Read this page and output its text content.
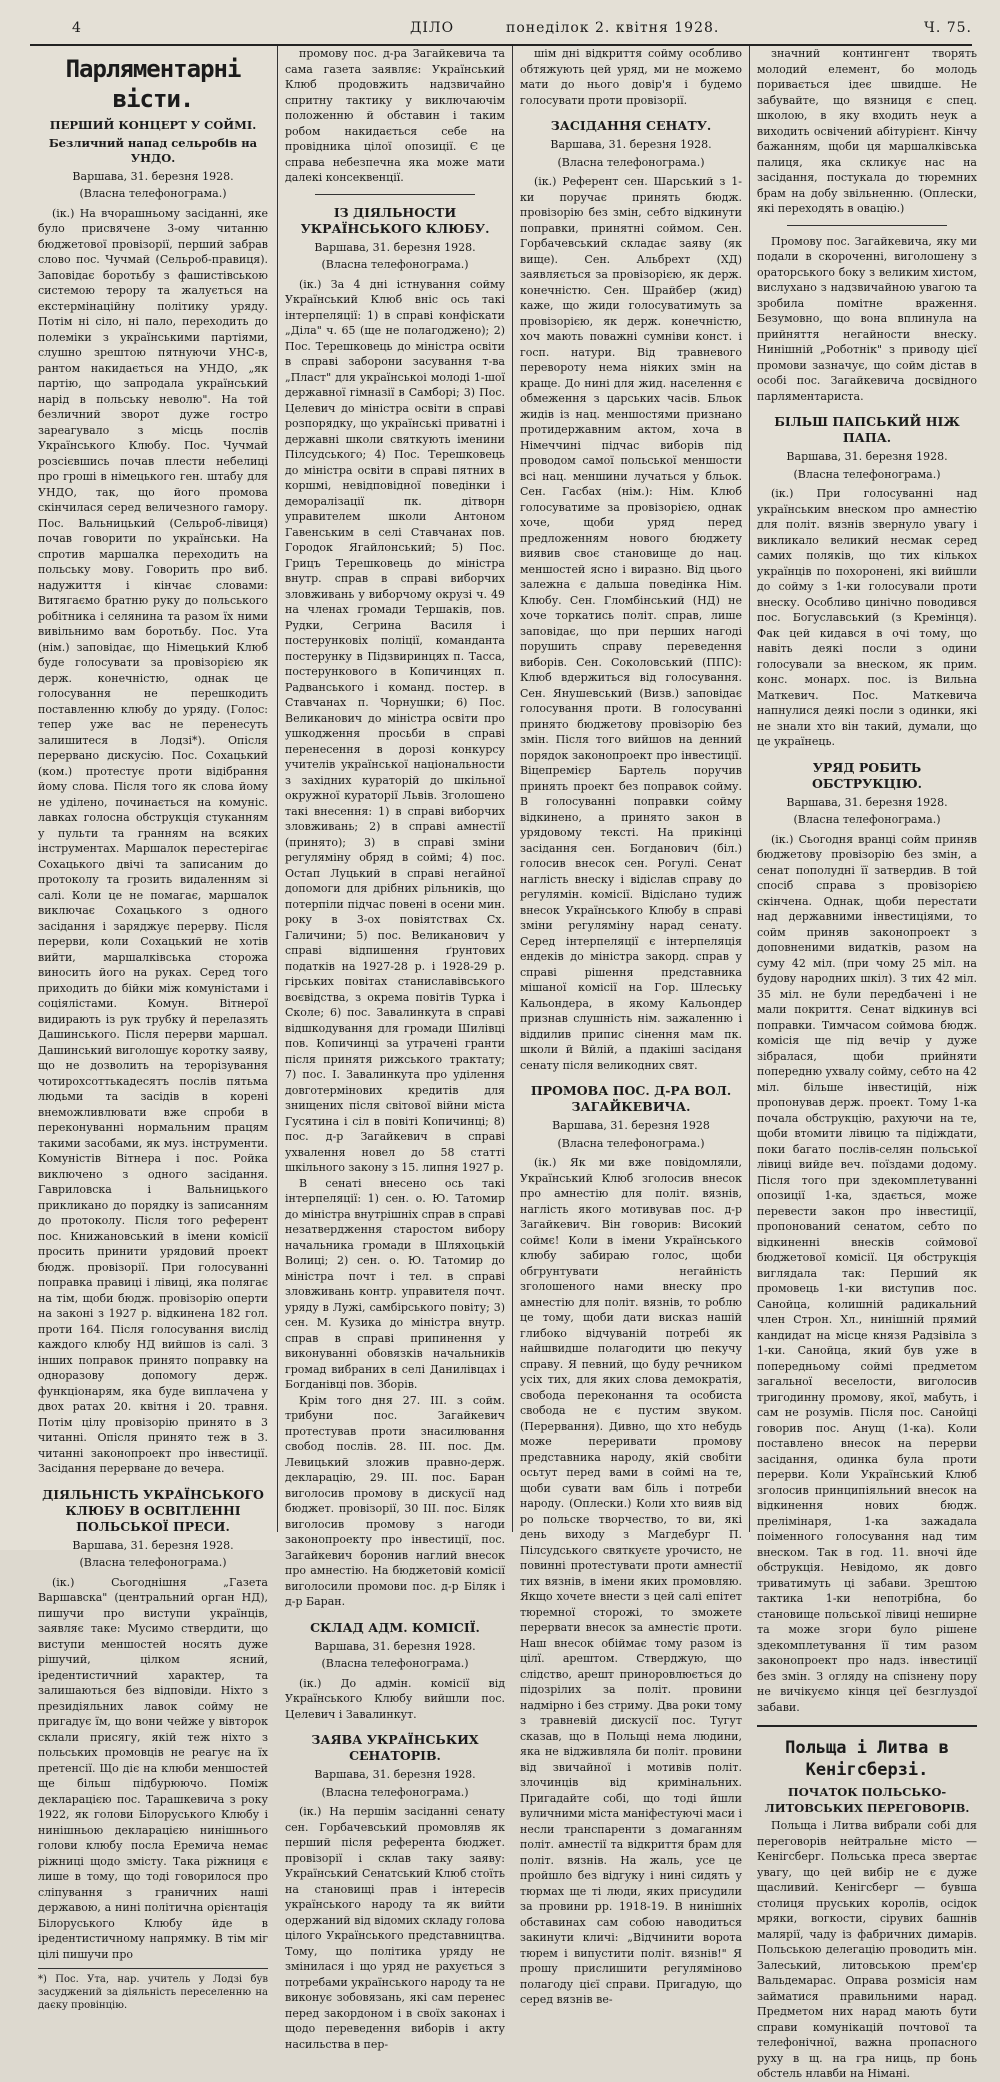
4	ДІЛО	понеділок 2. квітня 1928.	Ч. 75.
Парляментарні вісти.

ПЕРШИЙ КОНЦЕРТ У СОЙМІ.

Безличний напад сельробів на УНДО.

Варшава, 31. березня 1928.

(Власна телефонограма.)

(ік.) На вчорашньому засіданні, яке було присвячене 3-ому читанню бюджетової провізорії, перший забрав слово пос. Чучмай (Сельроб-правиця). Заповідає боротьбу з фашистівською системою терору та жалується на екстермінаційну політику уряду. Потім ні сіло, ні пало, переходить до полеміки з українськими партіями, слушно зрештою пятнуючи УНС-в, рантом накидається на УНДО, „як партію, що запродала український нарід в польську неволю". На той безличний зворот дуже гостро зареагувало з місць послів Українського Клюбу. Пос. Чучмай розсієвшись почав плести небелиці про гроші в німецького ген. штабу для УНДО, так, що його промова скінчилася серед величезного гамору. Пос. Вальницький (Сельроб-лівиця) почав говорити по українськи. На спротив маршалка переходить на польську мову. Говорить про виб. надужиття і кінчає словами: Витягаємо братню руку до польського робітника і селянина та разом їх ними вивільнимо вам боротьбу. Пос. Ута (нім.) заповідає, що Німецький Клюб буде голосувати за провізорією як держ. конечністю, однак це голосування не перешкодить поставленню клюбу до уряду. (Голос: тепер уже вас не перенесуть залишитеся в Лодзі*). Опісля перервано дискусію. Пос. Сохацький (ком.) протестує проти відібрання йому слова. Після того як слова йому не уділено, починається на комуніс. лавках голосна обструкція стуканням у пульти та гранням на всяких інструментах. Маршалок перестерігає Сохацького двічі та записаним до протоколу та грозить видаленням зі салі. Коли це не помагає, маршалок виключає Сохацького з одного засідання і заряджує перерву. Після перерви, коли Сохацький не хотів вийти, маршалківська сторожа виносить його на руках. Серед того приходить до бійки між комуністами і соціялістами. Комун. Вітнерої видирають із рук трубку й перелазять Дашинського. Після перерви маршал. Дашинський виголошує коротку заяву, що не дозволить на терорізування чотирохсоттькадесятъ послів пятьма людьми та засідів в корені внеможливлювати вже спроби в переконуванні нормальним працям такими засобами, як муз. інструменти. Комуністів Вітнера і пос. Ройка виключено з одного засідання. Гавриловска і Вальницького прикликано до порядку із записанням до протоколу. Після того референт пос. Книжановський в імени комісії просить принити урядовий проект бюдж. провізорії. При голосуванні поправка правиці і лівиці, яка полягає на тім, щоби бюдж. провізорію оперти на законі з 1927 р. відкинена 182 гол. проти 164. Після голосування вислід каждого клюбу НД вийшов із салі. З інших поправок принято поправку на одноразову допомогу держ. функціонарям, яка буде виплачена у двох ратах 20. квітня і 20. травня. Потім цілу провізорію принято в 3 читанні. Опісля принято теж в 3. читанні законопроект про інвестиції. Засідання перерване до вечера.

ДІЯЛЬНІСТЬ УКРАЇНСЬКОГО КЛЮБУ В ОСВІТЛЕННІ ПОЛЬСЬКОЇ ПРЕСИ.

Варшава, 31. березня 1928.

(Власна телефонограма.)

(ік.) Сьогоднішня „Газета Варшавска" (центральний орган НД), пишучи про виступи українців, заявляє таке: Мусимо ствердити, що виступи меншостей носять дуже рішучий, цілком ясний, іредентистичний характер, та залишаються без відповіди. Ніхто з президіяльних лавок сойму не пригадує їм, що вони чейже у вівторок склали присягу, якій теж ніхто з польських промовців не реагує на їх претенсії. Що діє на клюби меншостей ще більш підбурюючо. Поміж декларацією пос. Тарашкевича з року 1922, як голови Білоруського Клюбу і нинішньою декларацією нинішнього голови клюбу посла Еремича немає ріжниці щодо змісту. Така ріжниця є лише в тому, що тоді говорилося про сліпування з граничних наші державою, а нині політична орієнтація Білоруського Клюбу йде в іредентистичному напрямку. В тім міг цілі пишучи про

*) Пос. Ута, нар. учитель у Лодзі був засуджений за діяльність переселенню на даєку провінцію.

промову пос. д-ра Загайкевича та сама газета заявляє: Український Клюб продовжить надзвичайно спритну тактику у виключаючім положенню й обставин і таким робом накидається себе на провідника цілої опозиції. Є це справа небезпечна яка може мати далекі консеквенції.

ІЗ ДІЯЛЬНОСТИ УКРАЇНСЬКОГО КЛЮБУ.

Варшава, 31. березня 1928.

(Власна телефонограма.)

(ік.) За 4 дні істнування сойму Український Клюб вніс ось такі інтерпеляції: 1) в справі конфіскати „Діла" ч. 65 (ще не полагоджено); 2) Пос. Терешковець до міністра освіти в справі заборони засування т-ва „Пласт" для українськоі молоді 1-шої державної гімназії в Самборі; 3) Пос. Целевич до міністра освіти в справі розпорядку, що українські приватні і державні школи святкують іменини Пілсудського; 4) Пос. Терешковець до міністра освіти в справі пятних в коршмі, невідповідної поведінки і деморалізації пк. дітворн управителем школи Антоном Гавенським в селі Ставчанах пов. Городок Ягайлонський; 5) Пос. Грицъ Терешковець до міністра внутр. справ в справі виборчих зловживань у виборчому окрузі ч. 49 на членах громади Тершаків, пов. Рудки, Сегрина Василя і постерунковіх поліції, команданта постерунку в Підзвиринцях п. Тасса, постерункового в Копичинцях п. Радванського і команд. постер. в Ставчанах п. Чорнушки; 6) Пос. Великанович до міністра освіти про ушкодження просьби в справі перенесення в дорозі конкурсу учителів української національности з західних кураторій до шкільної окружної кураторії Львів. Зголошено такі внесення: 1) в справі виборчих зловживань; 2) в справі амнестії (принято); 3) в справі зміни регуляміну обряд в соймі; 4) пос. Остап Луцький в справі негайної допомоги для дрібних рільників, що потерпіли підчас повені в осени мин. року в 3-ох повіятствах Сх. Галичини; 5) пос. Великанович у справі відпишення ґрунтових податків на 1927-28 р. і 1928-29 р. гірських повітах станиславівського воєвідства, з окрема повітів Турка і Сколе; 6) пос. Завалинкута в справі відшкодування для громади Шилівці пов. Копичинці за утрачені гранти після принятя рижського трактату; 7) пос. І. Завалинкута про уділення довготермінових кредитів для знищених після світової війни міста Гусятина і сіл в повіті Копичинці; 8) пос. д-р Загайкевич в справі ухвалення новел до 58 статті шкільного закону з 15. липня 1927 р.

В сенаті внесено ось такі інтерпеляції: 1) сен. о. Ю. Татомир до міністра внутрішніх справ в справі незатвердження старостом вибору начальника громади в Шляхоцькій Волиці; 2) сен. о. Ю. Татомир до міністра почт і тел. в справі зловживань контр. управителя почт. уряду в Лужі, самбірського повіту; 3) сен. М. Кузика до міністра внутр. справ в справі припинення у виконуванні обовязків начальників громад вибраних в селі Данилівцах і Богданівці пов. Зборів.

Крім того дня 27. III. з сойм. трибуни пос. Загайкевич протестував проти знасилювання свобод послів. 28. III. пос. Дм. Левицький зложив правно-держ. декларацію, 29. III. пос. Баран виголосив промову в дискусії над бюджет. провізорії, 30 III. пос. Біляк виголосив промову з нагоди законопроекту про інвестиції, пос. Загайкевич боронив наглий внесок про амнестію. На бюджетовій комісії виголосили промови пос. д-р Біляк і д-р Баран.

СКЛАД АДМ. КОМІСІЇ.

Варшава, 31. березня 1928.

(Власна телефонограма.)

(ік.) До адмін. комісії від Українського Клюбу вийшли пос. Целевич і Завалинкут.

ЗАЯВА УКРАЇНСЬКИХ СЕНАТОРІВ.

Варшава, 31. березня 1928.

(Власна телефонограма.)

(ік.) На першім засіданні сенату сен. Горбачевський промовляв як перший після референта бюджет. провізорії і склав таку заяву: Український Сенатський Клюб стоїть на становищі прав і інтересів українського народу та як вийти одержаний від відомих складу голова цілого Українського представництва. Тому, що політика уряду не змінилася і що уряд не рахується з потребами українського народу та не виконує зобовязань, які сам перенес перед закордоном і в своїх законах і щодо переведення виборів і акту насильства в пер-

шім дні відкриття сойму особливо обтяжують цей уряд, ми не можемо мати до нього довір'я і будемо голосувати проти провізорії.

ЗАСІДАННЯ СЕНАТУ.

Варшава, 31. березня 1928.

(Власна телефонограма.)

(ік.) Референт сен. Шарський з 1-ки поручає принять бюдж. провізорію без змін, себто відкинути поправки, принятні соймом. Сен. Горбачевський складає заяву (як вище). Сен. Альбрехт (ХД) заявляється за провізорією, як держ. конечністю. Сен. Шрайбер (жид) каже, що жиди голосуватимуть за провізорією, як держ. конечністю, хоч мають поважні сумніви конст. і госп. натури. Від травневого перевороту нема ніяких змін на краще. До нині для жид. населення є обмеження з царських часів. Бльок жидів із нац. меншостями признано протидержавним актом, хоча в Німеччині підчас виборів під проводом самої польської меншости всі нац. меншини лучаться у бльок. Сен. Гасбах (нім.): Нім. Клюб голосуватиме за провізорією, однак хоче, щоби уряд перед предложенням нового бюджету виявив своє становище до нац. меншостей ясно і виразно. Від цього залежна є дальша поведінка Нім. Клюбу. Сен. Гломбінський (НД) не хоче торкатись політ. справ, лише заповідає, що при перших нагоді порушить справу переведення виборів. Сен. Соколовський (ППС): Клюб вдержиться від голосування. Сен. Янушевський (Визв.) заповідає голосування проти. В голосуванні принято бюджетову провізорію без змін. Після того вийшов на денний порядок законопроект про інвестиції. Віцепремієр Бартель поручив принять проект без поправок сойму. В голосуванні поправки сойму відкинено, а принято закон в урядовому тексті. На прикінці засідання сен. Богданович (біл.) голосив внесок сен. Рогулі. Сенат наглість внеску і відіслав справу до регулямін. комісії. Відіслано тудиж внесок Українського Клюбу в справі зміни регуляміну нарад сенату. Серед інтерпеляції є інтерпеляція ендеків до міністра закорд. справ у справі рішення представника мішаної комісії на Гор. Шлеську Кальондера, в якому Кальондер признав слушність нім. зажаленню і віддилив припис сінення мам пк. школи й Вйлій, а пдакіші засіданя сенату після великодних свят.

ПРОМОВА ПОС. Д-РА ВОЛ. ЗАГАЙКЕВИЧА.

Варшава, 31. березня 1928

(Власна телефонограма.)

(ік.) Як ми вже повідомляли, Український Клюб зголосив внесок про амнестію для політ. вязнів, наглість якого мотивував пос. д-р Загайкевич. Він говорив: Високий соймє! Коли в імени Українського клюбу забираю голос, щоби обгрунтувати негайність зголошеного нами внеску про амнестію для політ. вязнів, то роблю це тому, щоби дати висказ нашій глибоко відчуваній потребі як найшвидше полагодити цю пекучу справу. Я певний, що буду речником усіх тих, для яких слова демократія, свобода переконання та особиста свобода не є пустим звуком. (Перервання). Дивно, що хто небудь може переривати промову представника народу, якій свобіти осьтут перед вами в соймі на те, щоби сувати вам біль і потреби народу. (Оплески.) Коли хто вияв від ро польске творчество, то ви, які день виходу з Магдебург П. Пілсудського святкуєте урочисто, не повинні протестувати проти амнестії тих вязнів, в імени яких промовляю. Якщо хочете внести з цей салі епітет тюремної сторожі, то зможете перервати внесок за амнестіє проти. Наш внесок обіймає тому разом із цілї. арештом. Стверджую, що слідство, арешт приноровлюється до підозрілих за політ. провини надмірно і без стриму. Два роки тому з травневій дискусії пос. Тугут сказав, що в Польщі нема людини, яка не відживляла би політ. провини від звичайної і мотивів політ. злочинців від кримінальних. Пригадайте собі, що тоді йшли вуличними міста маніфестуючі маси і несли транспаренти з домаганням політ. амнестії та відкриття брам для політ. вязнів. На жаль, усе це пройшло без відгуку і нині сидять у тюрмах ще ті люди, яких присудили за провини рр. 1918-19. В нинішніх обставинах сам собою наводиться закинути кличі: „Відчинити ворота тюрем і випустити політ. вязнів!" Я прошу прислишити регуляміново полагоду цієї справи. Пригадую, що серед вязнів ве-

значний контингент творять молодий елемент, бо молодь поривається ідеє швидше. Не забувайте, що вязниця є спец. школою, в яку входить неук а виходить освічений абітурієнт. Кінчу бажанням, щоби ця маршалківська палиця, яка скликує нас на засідання, постукала до тюремних брам на добу звільненню. (Оплески, які переходять в овацію.)

Промову пос. Загайкевича, яку ми подали в скороченні, виголошену з ораторського боку з великим хистом, вислухано з надзвичайною увагою та зробила помітне враження. Безумовно, що вона вплинула на прийняття негайности внеску. Нинішній „Роботнік" з приводу цієї промови зазначує, що сойм дістав в особі пос. Загайкевича досвідного парляментариста.

БІЛЬШ ПАПСЬКИЙ НІЖ ПАПА.

Варшава, 31. березня 1928.

(Власна телефонограма.)

(ік.) При голосуванні над українським внеском про амнестію для політ. вязнів звернуло увагу і викликало великий несмак серед самих поляків, що тих кількох українців по похоронені, які вийшли до сойму з 1-ки голосували проти внеску. Особливо цинічно поводився пос. Богуславський (з Кремінця). Фак цей кидався в очі тому, що навіть деякі посли з одини голосували за внеском, як прим. конс. монарх. пос. із Вильна Маткевич. Пос. Маткевича напнулися деякі посли з одинки, які не знали хто він такий, думали, що це українець.

УРЯД РОБИТЬ ОБСТРУКЦІЮ.

Варшава, 31. березня 1928.

(Власна телефонограма.)

(ік.) Сьогодня вранці сойм приняв бюджетову провізорію без змін, а сенат пополудні її затвердив. В той спосіб справа з провізорією скінчена. Однак, щоби перестати над державними інвестиціями, то сойм приняв законопроект з доповненими видатків, разом на суму 42 міл. (при чому 25 міл. на будову народних шкіл). З тих 42 міл. 35 міл. не були передбачені і не мали покриття. Сенат відкинув всі поправки. Тимчасом соймова бюдж. комісія ще під вечір у дуже зібралася, щоби прийняти попередню ухвалу сойму, себто на 42 міл. більше інвестицій, ніж пропонував держ. проект. Тому 1-ка почала обструкцію, рахуючи на те, щоби втомити лівицю та підіждати, поки багато послів-селян польської лівиці вийде веч. поїздами додому. Після того при здекомплетуванні опозиції 1-ка, здається, може перевести закон про інвестиції, пропонований сенатом, себто по відкиненні внесків соймової бюджетової комісії. Ця обструкція виглядала так: Перший як промовець 1-ки виступив пос. Санойца, колишній радикальний член Строн. Хл., нинішній прямий кандидат на місце князя Радзівіла з 1-ки. Санойца, який був уже в попередньому соймі предметом загальної веселости, виголосив тригодинну промову, якої, мабуть, і сам не розумів. Після пос. Санойці говорив пос. Анущ (1-ка). Коли поставлено внесок на перерви засідання, одинка була проти перерви. Коли Український Клюб зголосив принципіяльний внесок на відкинення нових бюдж. прелімінаря, 1-ка зажадала поіменного голосування над тим внеском. Так в год. 11. вночі йде обструкція. Невідомо, як довго триватимуть ці забави. Зрештою тактика 1-ки непотрібна, бо становище польської лівиці неширне та може згори було рішене здекомплетування її тим разом законопроект про надз. інвестиції без змін. З огляду на спізнену пору не вичікуємо кінця цеї безглуздої забави.

Польща і Литва в Кенігсберзі.

ПОЧАТОК ПОЛЬСЬКО-ЛИТОВСЬКИХ ПЕРЕГОВОРІВ.

Польща і Литва вибрали собі для переговорів нейтральне місто — Кенігсберг. Польська преса звертає увагу, що цей вибір не є дуже щасливий. Кенігсберг — бувша столиця пруських королів, осідок мряки, вогкости, сірувих башнів малярії, чаду із фабричних димарів. Польською делегацію проводить мін. Залеський, литовською прем'єр Вальдемарас. Оправа розмісія нам займатися правильними нарад. Предметом них нарад мають бути справи комунікацій почтової та телефонічної, важна пропасного руху в щ. на гра ниць, пр бонь обстель нлавби на Німані.
